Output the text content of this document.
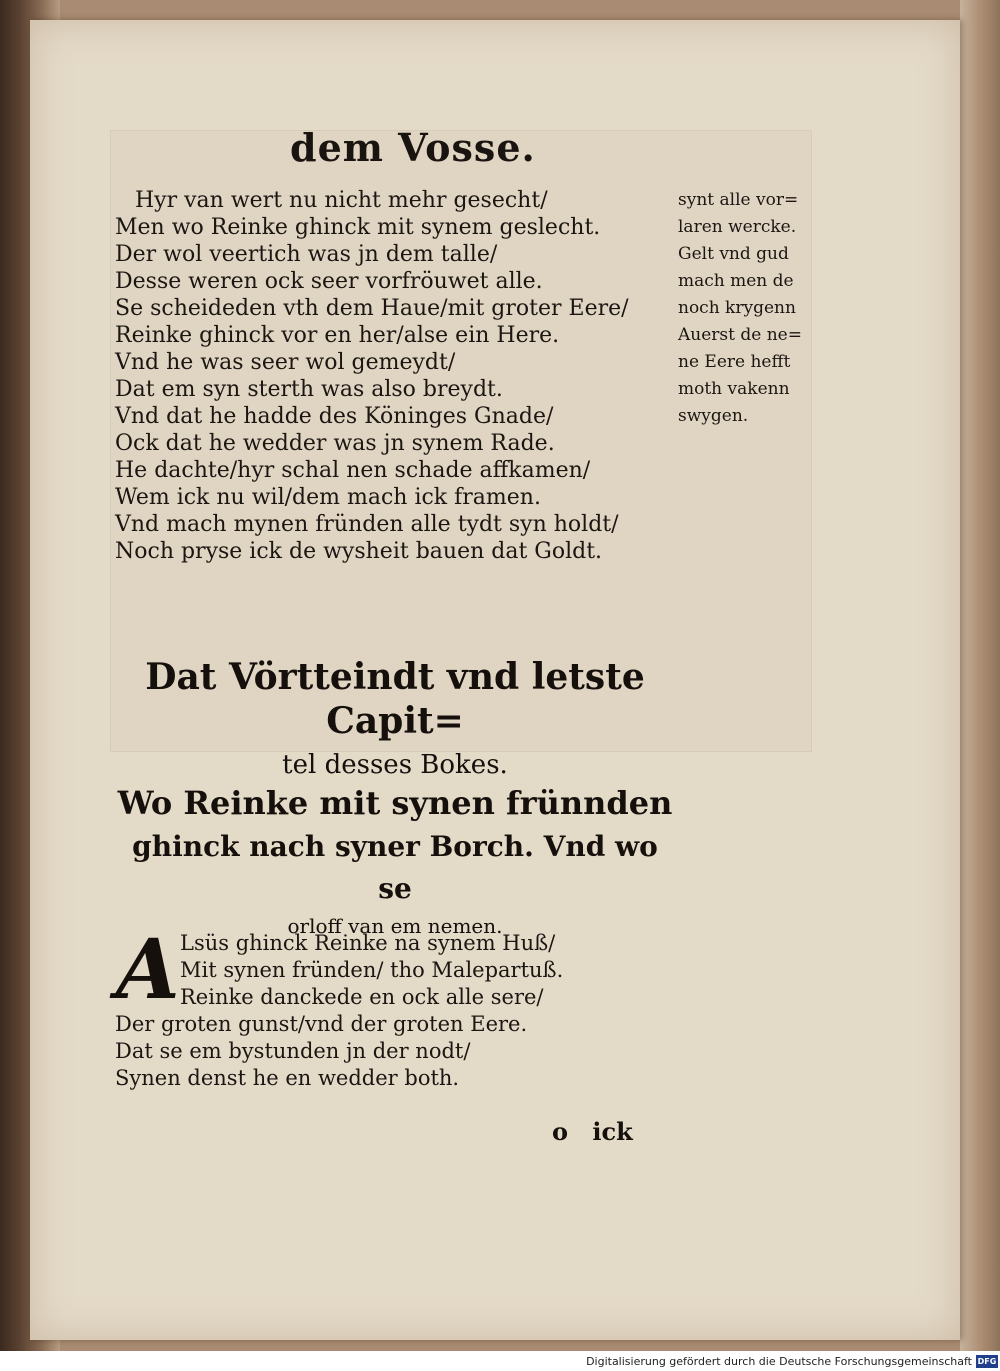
dem Vosse.
Hyr van wert nu nicht mehr gesecht/
Men wo Reinke ghinck mit synem geslecht.
Der wol veertich was jn dem talle/
Desse weren ock seer vorfröuwet alle.
Se scheideden vth dem Haue/mit groter Eere/
Reinke ghinck vor en her/alse ein Here.
Vnd he was seer wol gemeydt/
Dat em syn sterth was also breydt.
Vnd dat he hadde des Köninges Gnade/
Ock dat he wedder was jn synem Rade.
He dachte/hyr schal nen schade affkamen/
Wem ick nu wil/dem mach ick framen.
Vnd mach mynen fründen alle tydt syn holdt/
Noch pryse ick de wysheit bauen dat Goldt.
synt alle vor=
laren wercke.
Gelt vnd gud
mach men de
noch krygenn
Auerst de ne=
ne Eere hefft
moth vakenn
swygen.
Dat Vörtteindt vnd letste Capit=
tel desses Bokes.

Wo Reinke mit synen frünnden
ghinck nach syner Borch. Vnd wo se
orloff van em nemen.

A Lsüs ghinck Reinke na synem Huß/
Mit synen fründen/ tho Malepartuß.
Reinke danckede en ock alle sere/
Der groten gunst/vnd der groten Eere.
Dat se em bystunden jn der nodt/
Synen denst he en wedder both.
o ick
Digitalisierung gefördert durch die Deutsche Forschungsgemeinschaft DFG
